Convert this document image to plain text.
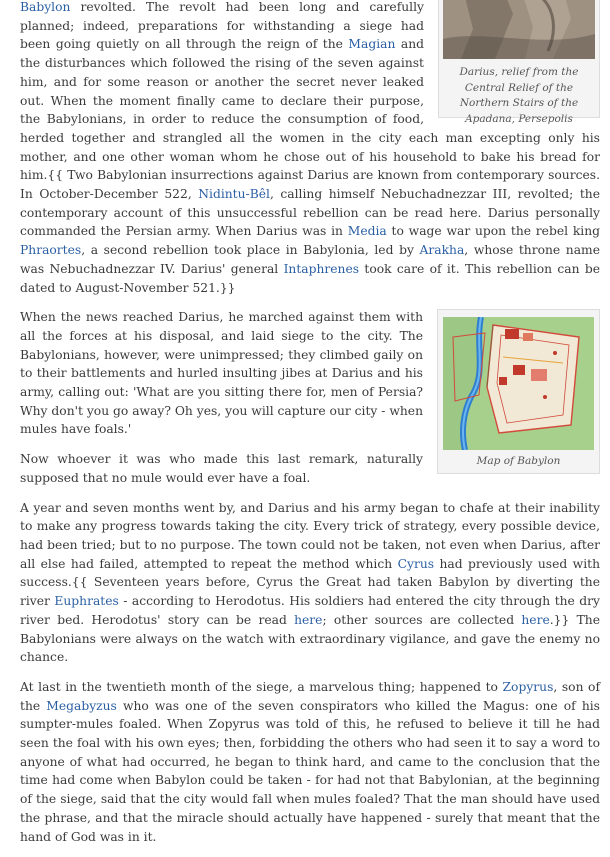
Darius, relief from the Central Relief of the Northern Stairs of the Apadana, Persepolis

Babylon revolted. The revolt had been long and carefully planned; indeed, preparations for withstanding a siege had been going quietly on all through the reign of the Magian and the disturbances which followed the rising of the seven against him, and for some reason or another the secret never leaked out. When the moment finally came to declare their purpose, the Babylonians, in order to reduce the consumption of food, herded together and strangled all the women in the city each man excepting only his mother, and one other woman whom he chose out of his household to bake his bread for him.{{ Two Babylonian insurrections against Darius are known from contemporary sources. In October-December 522, Nidintu-Bêl, calling himself Nebuchadnezzar III, revolted; the contemporary account of this unsuccessful rebellion can be read here. Darius personally commanded the Persian army. When Darius was in Media to wage war upon the rebel king Phraortes, a second rebellion took place in Babylonia, led by Arakha, whose throne name was Nebuchadnezzar IV. Darius' general Intaphrenes took care of it. This rebellion can be dated to August-November 521.}}

Map of Babylon

When the news reached Darius, he marched against them with all the forces at his disposal, and laid siege to the city. The Babylonians, however, were unimpressed; they climbed gaily on to their battlements and hurled insulting jibes at Darius and his army, calling out: 'What are you sitting there for, men of Persia? Why don't you go away? Oh yes, you will capture our city - when mules have foals.'

Now whoever it was who made this last remark, naturally supposed that no mule would ever have a foal.

A year and seven months went by, and Darius and his army began to chafe at their inability to make any progress towards taking the city. Every trick of strategy, every possible device, had been tried; but to no purpose. The town could not be taken, not even when Darius, after all else had failed, attempted to repeat the method which Cyrus had previously used with success.{{ Seventeen years before, Cyrus the Great had taken Babylon by diverting the river Euphrates - according to Herodotus. His soldiers had entered the city through the dry river bed. Herodotus' story can be read here; other sources are collected here.}} The Babylonians were always on the watch with extraordinary vigilance, and gave the enemy no chance.

At last in the twentieth month of the siege, a marvelous thing; happened to Zopyrus, son of the Megabyzus who was one of the seven conspirators who killed the Magus: one of his sumpter-mules foaled. When Zopyrus was told of this, he refused to believe it till he had seen the foal with his own eyes; then, forbidding the others who had seen it to say a word to anyone of what had occurred, he began to think hard, and came to the conclusion that the time had come when Babylon could be taken - for had not that Babylonian, at the beginning of the siege, said that the city would fall when mules foaled? That the man should have used the phrase, and that the miracle should actually have happened - surely that meant that the hand of God was in it.
